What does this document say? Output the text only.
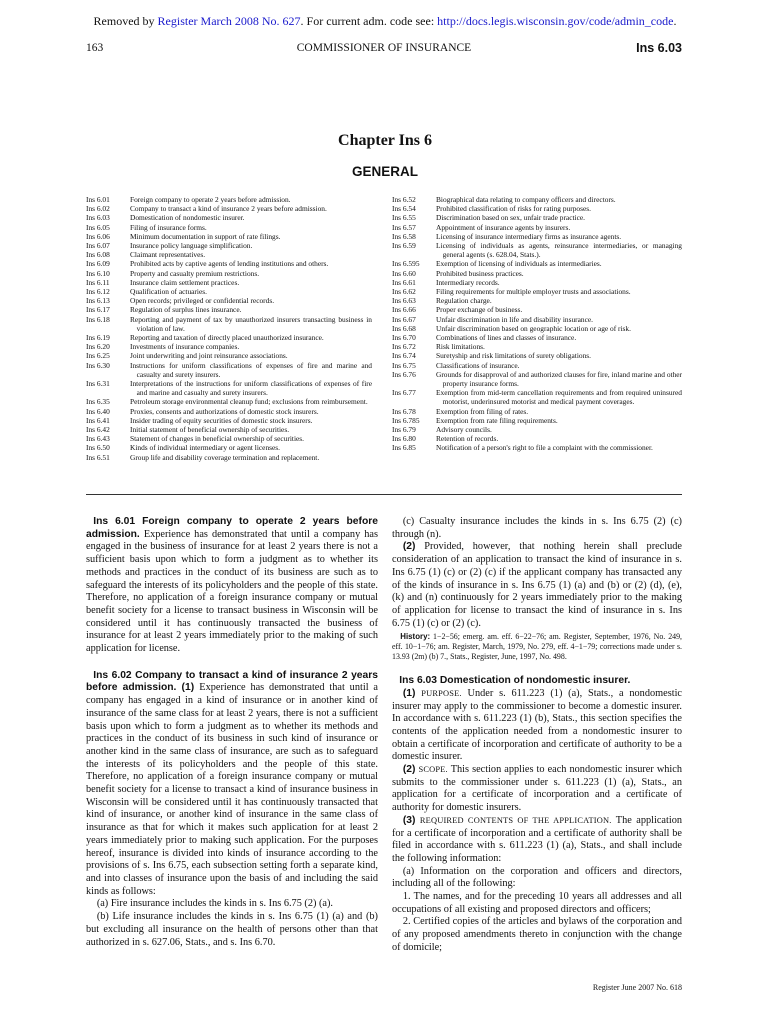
Removed by Register March 2008 No. 627. For current adm. code see: http://docs.legis.wisconsin.gov/code/admin_code.
163	COMMISSIONER OF INSURANCE	Ins 6.03
Chapter Ins 6
GENERAL
Ins 6.01	Foreign company to operate 2 years before admission.
Ins 6.02	Company to transact a kind of insurance 2 years before admission.
Ins 6.03	Domestication of nondomestic insurer.
Ins 6.05	Filing of insurance forms.
Ins 6.06	Minimum documentation in support of rate filings.
Ins 6.07	Insurance policy language simplification.
Ins 6.08	Claimant representatives.
Ins 6.09	Prohibited acts by captive agents of lending institutions and others.
Ins 6.10	Property and casualty premium restrictions.
Ins 6.11	Insurance claim settlement practices.
Ins 6.12	Qualification of actuaries.
Ins 6.13	Open records; privileged or confidential records.
Ins 6.17	Regulation of surplus lines insurance.
Ins 6.18	Reporting and payment of tax by unauthorized insurers transacting business in violation of law.
Ins 6.19	Reporting and taxation of directly placed unauthorized insurance.
Ins 6.20	Investments of insurance companies.
Ins 6.25	Joint underwriting and joint reinsurance associations.
Ins 6.30	Instructions for uniform classifications of expenses of fire and marine and casualty and surety insurers.
Ins 6.31	Interpretations of the instructions for uniform classifications of expenses of fire and marine and casualty and surety insurers.
Ins 6.35	Petroleum storage environmental cleanup fund; exclusions from reimbursement.
Ins 6.40	Proxies, consents and authorizations of domestic stock insurers.
Ins 6.41	Insider trading of equity securities of domestic stock insurers.
Ins 6.42	Initial statement of beneficial ownership of securities.
Ins 6.43	Statement of changes in beneficial ownership of securities.
Ins 6.50	Kinds of individual intermediary or agent licenses.
Ins 6.51	Group life and disability coverage termination and replacement.
Ins 6.52	Biographical data relating to company officers and directors.
Ins 6.54	Prohibited classification of risks for rating purposes.
Ins 6.55	Discrimination based on sex, unfair trade practice.
Ins 6.57	Appointment of insurance agents by insurers.
Ins 6.58	Licensing of insurance intermediary firms as insurance agents.
Ins 6.59	Licensing of individuals as agents, reinsurance intermediaries, or managing general agents (s. 628.04, Stats.).
Ins 6.595	Exemption of licensing of individuals as intermediaries.
Ins 6.60	Prohibited business practices.
Ins 6.61	Intermediary records.
Ins 6.62	Filing requirements for multiple employer trusts and associations.
Ins 6.63	Regulation charge.
Ins 6.66	Proper exchange of business.
Ins 6.67	Unfair discrimination in life and disability insurance.
Ins 6.68	Unfair discrimination based on geographic location or age of risk.
Ins 6.70	Combinations of lines and classes of insurance.
Ins 6.72	Risk limitations.
Ins 6.74	Suretyship and risk limitations of surety obligations.
Ins 6.75	Classifications of insurance.
Ins 6.76	Grounds for disapproval of and authorized clauses for fire, inland marine and other property insurance forms.
Ins 6.77	Exemption from mid-term cancellation requirements and from required uninsured motorist, underinsured motorist and medical payment coverages.
Ins 6.78	Exemption from filing of rates.
Ins 6.785	Exemption from rate filing requirements.
Ins 6.79	Advisory councils.
Ins 6.80	Retention of records.
Ins 6.85	Notification of a person's right to file a complaint with the commissioner.

Ins 6.01 Foreign company to operate 2 years before admission. Experience has demonstrated that until a company has engaged in the business of insurance for at least 2 years there is not a sufficient basis upon which to form a judgment as to whether its methods and practices in the conduct of its business are such as to safeguard the interests of its policyholders and the people of this state. Therefore, no application of a foreign insurance company or mutual benefit society for a license to transact business in Wisconsin will be considered until it has continuously transacted the business of insurance for at least 2 years immediately prior to the making of such application for license.

Ins 6.02 Company to transact a kind of insurance 2 years before admission. (1) Experience has demonstrated that until a company has engaged in a kind of insurance or in another kind of insurance of the same class for at least 2 years, there is not a sufficient basis upon which to form a judgment as to whether its methods and practices in the conduct of its business in such kind of insurance or another kind in the same class of insurance, are such as to safeguard the interests of its policyholders and the people of this state. Therefore, no application of a foreign insurance company or mutual benefit society for a license to transact a kind of insurance business in Wisconsin will be considered until it has continuously transacted that kind of insurance, or another kind of insurance in the same class of insurance as that for which it makes such application for at least 2 years immediately prior to making such application. For the purposes hereof, insurance is divided into kinds of insurance according to the provisions of s. Ins 6.75, each subsection setting forth a separate kind, and into classes of insurance upon the basis of and including the said kinds as follows:

(a) Fire insurance includes the kinds in s. Ins 6.75 (2) (a).

(b) Life insurance includes the kinds in s. Ins 6.75 (1) (a) and (b) but excluding all insurance on the health of persons other than that authorized in s. 627.06, Stats., and s. Ins 6.70.

(c) Casualty insurance includes the kinds in s. Ins 6.75 (2) (c) through (n).

(2) Provided, however, that nothing herein shall preclude consideration of an application to transact the kind of insurance in s. Ins 6.75 (1) (c) or (2) (c) if the applicant company has transacted any of the kinds of insurance in s. Ins 6.75 (1) (a) and (b) or (2) (d), (e), (k) and (n) continuously for 2 years immediately prior to the making of application for license to transact the kind of insurance in s. Ins 6.75 (1) (c) or (2) (c).

History: 1−2−56; emerg. am. eff. 6−22−76; am. Register, September, 1976, No. 249, eff. 10−1−76; am. Register, March, 1979, No. 279, eff. 4−1−79; corrections made under s. 13.93 (2m) (b) 7., Stats., Register, June, 1997, No. 498.

Ins 6.03 Domestication of nondomestic insurer.

(1) PURPOSE. Under s. 611.223 (1) (a), Stats., a nondomestic insurer may apply to the commissioner to become a domestic insurer. In accordance with s. 611.223 (1) (b), Stats., this section specifies the contents of the application needed from a nondomestic insurer to obtain a certificate of incorporation and certificate of authority to be a domestic insurer.

(2) SCOPE. This section applies to each nondomestic insurer which submits to the commissioner under s. 611.223 (1) (a), Stats., an application for a certificate of incorporation and a certificate of authority for domestic insurers.

(3) REQUIRED CONTENTS OF THE APPLICATION. The application for a certificate of incorporation and a certificate of authority shall be filed in accordance with s. 611.223 (1) (a), Stats., and shall include the following information:

(a) Information on the corporation and officers and directors, including all of the following:

1. The names, and for the preceding 10 years all addresses and all occupations of all existing and proposed directors and officers;

2. Certified copies of the articles and bylaws of the corporation and of any proposed amendments thereto in conjunction with the change of domicile;

Register June 2007 No. 618
